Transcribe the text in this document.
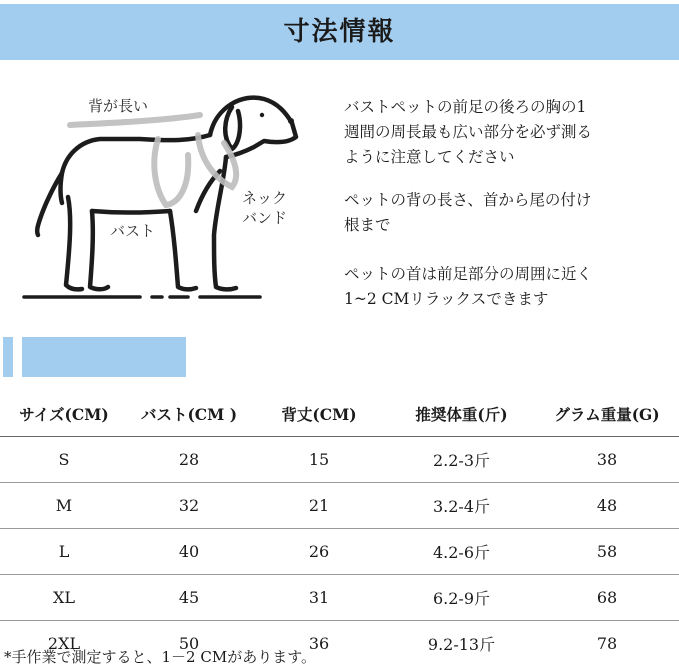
寸法情報
背が長い
ネック
バンド
バスト
バストペットの前足の後ろの胸の1
週間の周長最も広い部分を必ず測る
ように注意してください
ペットの背の長さ、首から尾の付け
根まで
ペットの首は前足部分の周囲に近く
1~2 CMリラックスできます
サイズ(CM)	バスト(CM )	背丈(CM)	推奨体重(斤)	グラム重量(G)
S	28	15	2.2-3斤	38
M	32	21	3.2-4斤	48
L	40	26	4.2-6斤	58
XL	45	31	6.2-9斤	68
2XL	50	36	9.2-13斤	78
*手作業で測定すると、1－2 CMがあります。
